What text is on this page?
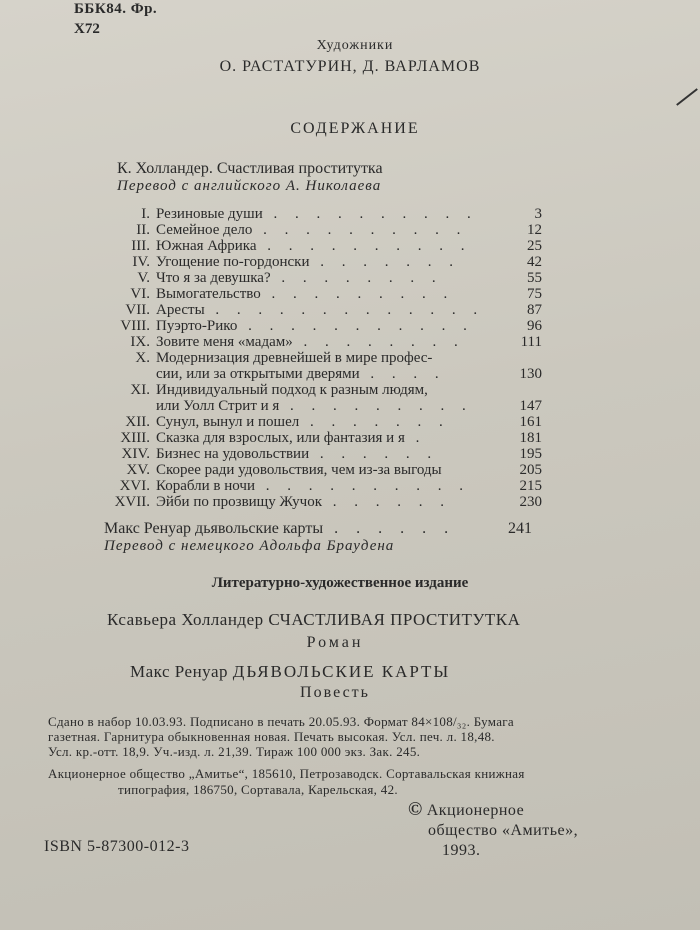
ББК84. Фр.
Х72
Художники
О. РАСТАТУРИН, Д. ВАРЛАМОВ
СОДЕРЖАНИЕ
К. Холландер. Счастливая проститутка
Перевод с английского А. Николаева
I. Резиновые души . . . . . . . . . .	3
II. Семейное дело . . . . . . . . . .	12
III. Южная Африка . . . . . . . . . .	25
IV. Угощение по-гордонски . . . . . . .	42
V. Что я за девушка? . . . . . . . .	55
VI. Вымогательство . . . . . . . . .	75
VII. Аресты . . . . . . . . . . . . .	87
VIII. Пуэрто-Рико . . . . . . . . . . .	96
IX. Зовите меня «мадам» . . . . . . . .	111
X. Модернизация древнейшей в мире профес-
сии, или за открытыми дверями . . . .	130
XI. Индивидуальный подход к разным людям,
или Уолл Стрит и я . . . . . . . . .	147
XII. Сунул, вынул и пошел . . . . . . .	161
XIII. Сказка для взрослых, или фантазия и я .	181
XIV. Бизнес на удовольствии . . . . . .	195
XV. Скорее ради удовольствия, чем из-за выгоды	205
XVI. Корабли в ночи . . . . . . . . . .	215
XVII. Эйби по прозвищу Жучок . . . . . .	230
Макс Ренуар дьявольские карты . . . . . .	241
Перевод с немецкого Адольфа Браудена
Литературно-художественное издание
Ксавьера Холландер СЧАСТЛИВАЯ ПРОСТИТУТКА
Роман
Макс Ренуар ДЬЯВОЛЬСКИЕ КАРТЫ
Повесть
Сдано в набор 10.03.93. Подписано в печать 20.05.93. Формат 84×108/₃₂. Бумага
газетная. Гарнитура обыкновенная новая. Печать высокая. Усл. печ. л. 18,48.
Усл. кр.-отт. 18,9. Уч.-изд. л. 21,39. Тираж 100 000 экз. Зак. 245.
Акционерное общество „Амитье“, 185610, Петрозаводск. Сортавальская книжная
типография, 186750, Сортавала, Карельская, 42.
ISBN 5-87300-012-3
© Акционерное
общество «Амитье»,
1993.
